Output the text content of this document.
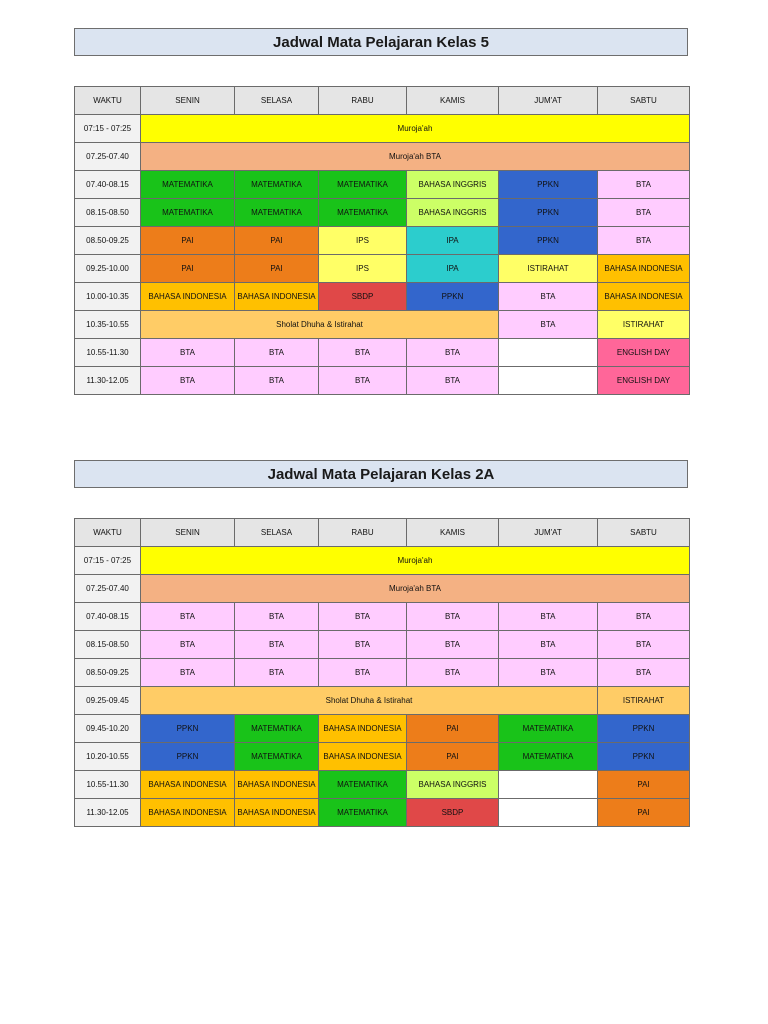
Jadwal Mata Pelajaran Kelas 5
WAKTU	SENIN	SELASA	RABU	KAMIS	JUM'AT	SABTU
07:15 - 07:25	Muroja'ah					
07.25-07.40	Muroja'ah BTA					
07.40-08.15	MATEMATIKA	MATEMATIKA	MATEMATIKA	BAHASA INGGRIS	PPKN	BTA
08.15-08.50	MATEMATIKA	MATEMATIKA	MATEMATIKA	BAHASA INGGRIS	PPKN	BTA
08.50-09.25	PAI	PAI	IPS	IPA	PPKN	BTA
09.25-10.00	PAI	PAI	IPS	IPA	ISTIRAHAT	BAHASA INDONESIA
10.00-10.35	BAHASA INDONESIA	BAHASA INDONESIA	SBDP	PPKN	BTA	BAHASA INDONESIA
10.35-10.55	Sholat Dhuha & Istirahat				BTA	ISTIRAHAT
10.55-11.30	BTA	BTA	BTA	BTA		ENGLISH DAY
11.30-12.05	BTA	BTA	BTA	BTA		ENGLISH DAY
Jadwal Mata Pelajaran Kelas 2A
WAKTU	SENIN	SELASA	RABU	KAMIS	JUM'AT	SABTU
07:15 - 07:25	Muroja'ah					
07.25-07.40	Muroja'ah BTA					
07.40-08.15	BTA	BTA	BTA	BTA	BTA	BTA
08.15-08.50	BTA	BTA	BTA	BTA	BTA	BTA
08.50-09.25	BTA	BTA	BTA	BTA	BTA	BTA
09.25-09.45	Sholat Dhuha & Istirahat					ISTIRAHAT
09.45-10.20	PPKN	MATEMATIKA	BAHASA INDONESIA	PAI	MATEMATIKA	PPKN
10.20-10.55	PPKN	MATEMATIKA	BAHASA INDONESIA	PAI	MATEMATIKA	PPKN
10.55-11.30	BAHASA INDONESIA	BAHASA INDONESIA	MATEMATIKA	BAHASA INGGRIS		PAI
11.30-12.05	BAHASA INDONESIA	BAHASA INDONESIA	MATEMATIKA	SBDP		PAI
